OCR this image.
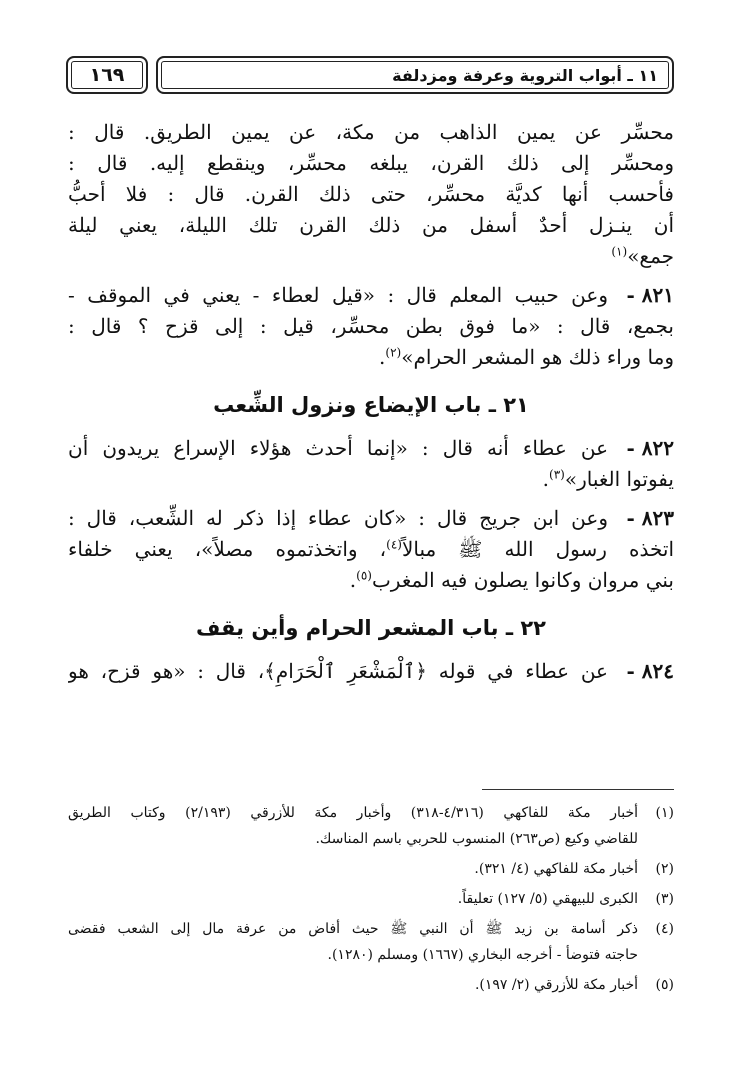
١١ ـ أبواب التروية وعرفة ومزدلفة
١٦٩
محسِّر عن يمين الذاهب من مكة، عن يمين الطريق. قال :
ومحسِّر إلى ذلك القرن، يبلغه محسِّر، وينقطع إليه. قال :
فأحسب أنها كديَّة محسِّر، حتى ذلك القرن. قال : فلا أحبُّ
أن ينـزل أحدٌ أسفل من ذلك القرن تلك الليلة، يعني ليلة
جمع»$^{(١)}$
٨٢١ -
وعن حبيب المعلم قال : «قيل لعطاء - يعني في الموقف -
بجمع، قال : «ما فوق بطن محسِّر، قيل : إلى قزح ؟ قال :
وما وراء ذلك هو المشعر الحرام»$^{(٢)}$.
٢١ ـ باب الإيضاع ونزول الشِّعب
٨٢٢ -
عن عطاء أنه قال : «إنما أحدث هؤلاء الإسراع يريدون أن
يفوتوا الغبار»$^{(٣)}$.
٨٢٣ -
وعن ابن جريج قال : «كان عطاء إذا ذكر له الشِّعب، قال :
اتخذه رسول الله ﷺ مبالاً$^{(٤)}$، واتخذتموه مصلاً»، يعني خلفاء
بني مروان وكانوا يصلون فيه المغرب$^{(٥)}$.
٢٢ ـ باب المشعر الحرام وأين يقف
٨٢٤ -
عن عطاء في قوله ﴿ٱلْمَشْعَرِ ٱلْحَرَامِ﴾، قال : «هو قزح، هو
(١)
أخبار مكة للفاكهي (٤/٣١٦-٣١٨) وأخبار مكة للأزرقي (٢/١٩٣) وكتاب الطريق
للقاضي وكيع (ص٢٦٣) المنسوب للحربي باسم المناسك.
(٢)
أخبار مكة للفاكهي (٤/ ٣٢١).
(٣)
الكبرى للبيهقي (٥/ ١٢٧) تعليقاً.
(٤)
ذكر أسامة بن زيد ﷺ أن النبي ﷺ حيث أفاض من عرفة مال إلى الشعب فقضى
حاجته فتوضأ - أخرجه البخاري (١٦٦٧) ومسلم (١٢٨٠).
(٥)
أخبار مكة للأزرقي (٢/ ١٩٧).
